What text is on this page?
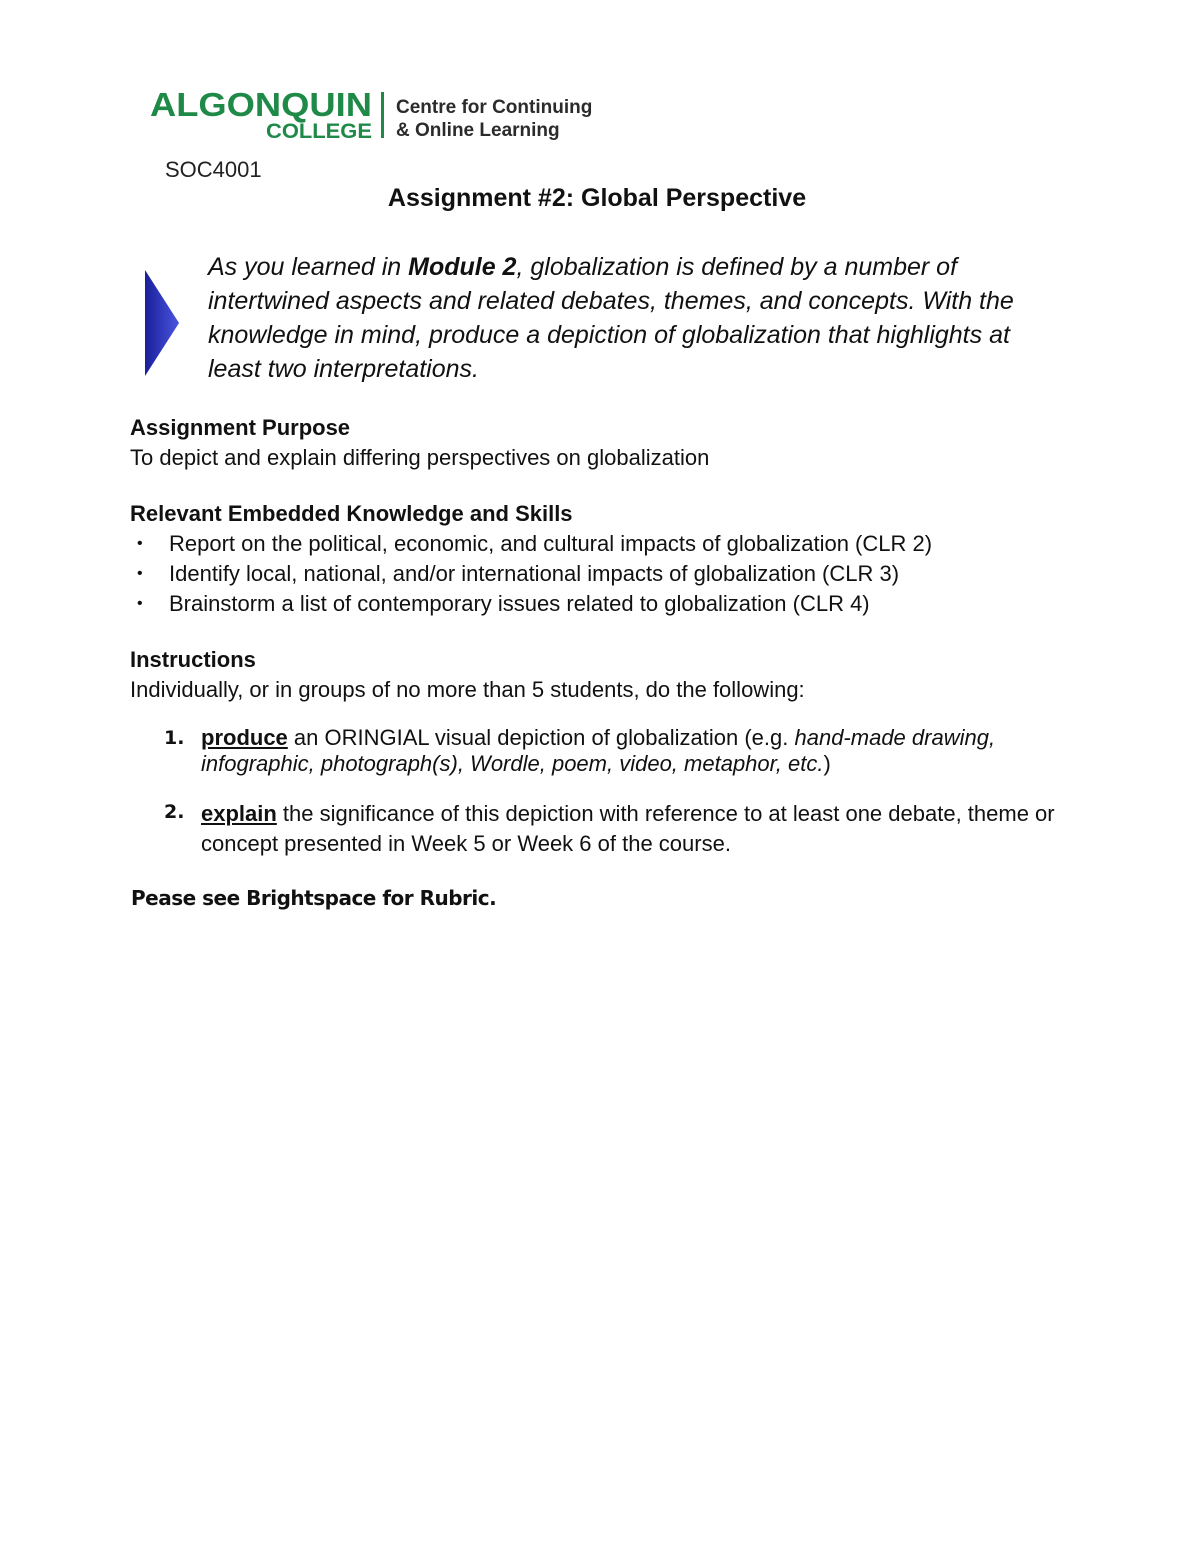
ALGONQUIN
COLLEGE
Centre for Continuing
& Online Learning
SOC4001
Assignment #2: Global Perspective
As you learned in Module 2, globalization is defined by a number of intertwined aspects and related debates, themes, and concepts. With the knowledge in mind, produce a depiction of globalization that highlights at least two interpretations.
Assignment Purpose
To depict and explain differing perspectives on globalization
Relevant Embedded Knowledge and Skills
• Report on the political, economic, and cultural impacts of globalization (CLR 2)
• Identify local, national, and/or international impacts of globalization (CLR 3)
• Brainstorm a list of contemporary issues related to globalization (CLR 4)
Instructions
Individually, or in groups of no more than 5 students, do the following:
1. produce an ORINGIAL visual depiction of globalization (e.g. hand-made drawing, infographic, photograph(s), Wordle, poem, video, metaphor, etc.)
2. explain the significance of this depiction with reference to at least one debate, theme or concept presented in Week 5 or Week 6 of the course.
Pease see Brightspace for Rubric.
